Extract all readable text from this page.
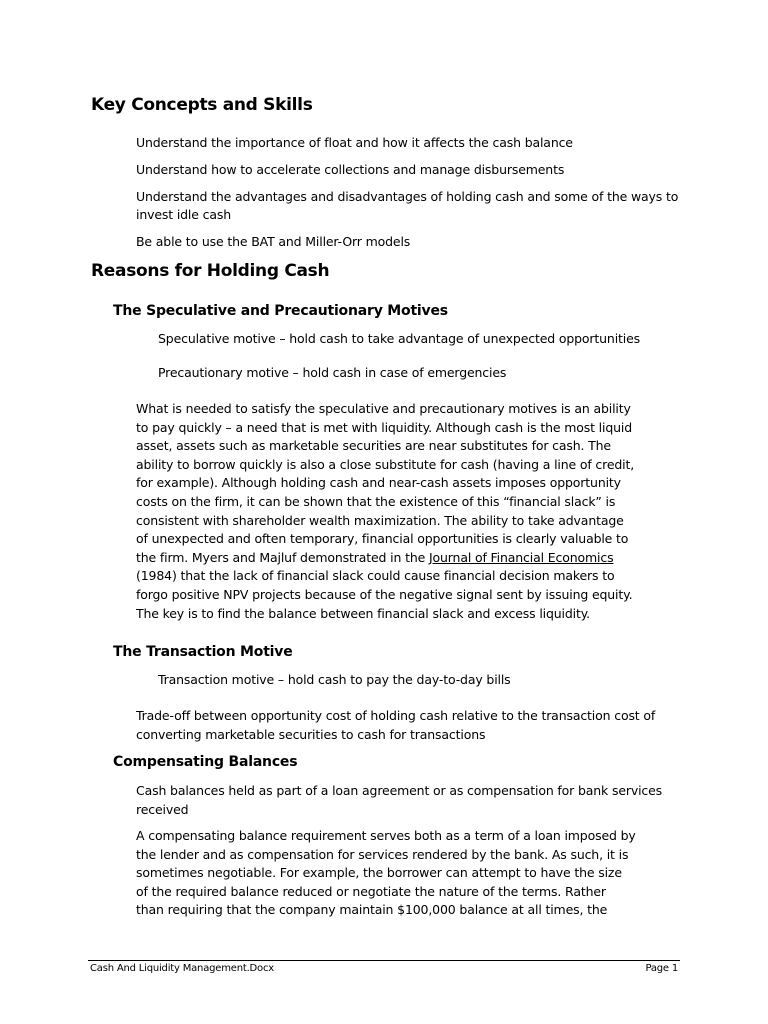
Key Concepts and Skills
Understand the importance of float and how it affects the cash balance
Understand how to accelerate collections and manage disbursements
Understand the advantages and disadvantages of holding cash and some of the ways to
invest idle cash
Be able to use the BAT and Miller-Orr models
Reasons for Holding Cash
The Speculative and Precautionary Motives
Speculative motive – hold cash to take advantage of unexpected opportunities
Precautionary motive – hold cash in case of emergencies
What is needed to satisfy the speculative and precautionary motives is an ability
to pay quickly – a need that is met with liquidity. Although cash is the most liquid
asset, assets such as marketable securities are near substitutes for cash. The
ability to borrow quickly is also a close substitute for cash (having a line of credit,
for example). Although holding cash and near-cash assets imposes opportunity
costs on the firm, it can be shown that the existence of this “financial slack” is
consistent with shareholder wealth maximization. The ability to take advantage
of unexpected and often temporary, financial opportunities is clearly valuable to
the firm. Myers and Majluf demonstrated in the Journal of Financial Economics
(1984) that the lack of financial slack could cause financial decision makers to
forgo positive NPV projects because of the negative signal sent by issuing equity.
The key is to find the balance between financial slack and excess liquidity.
The Transaction Motive
Transaction motive – hold cash to pay the day-to-day bills
Trade-off between opportunity cost of holding cash relative to the transaction cost of
converting marketable securities to cash for transactions
Compensating Balances
Cash balances held as part of a loan agreement or as compensation for bank services
received
A compensating balance requirement serves both as a term of a loan imposed by
the lender and as compensation for services rendered by the bank. As such, it is
sometimes negotiable. For example, the borrower can attempt to have the size
of the required balance reduced or negotiate the nature of the terms. Rather
than requiring that the company maintain $100,000 balance at all times, the
Cash And Liquidity Management.Docx	Page 1
